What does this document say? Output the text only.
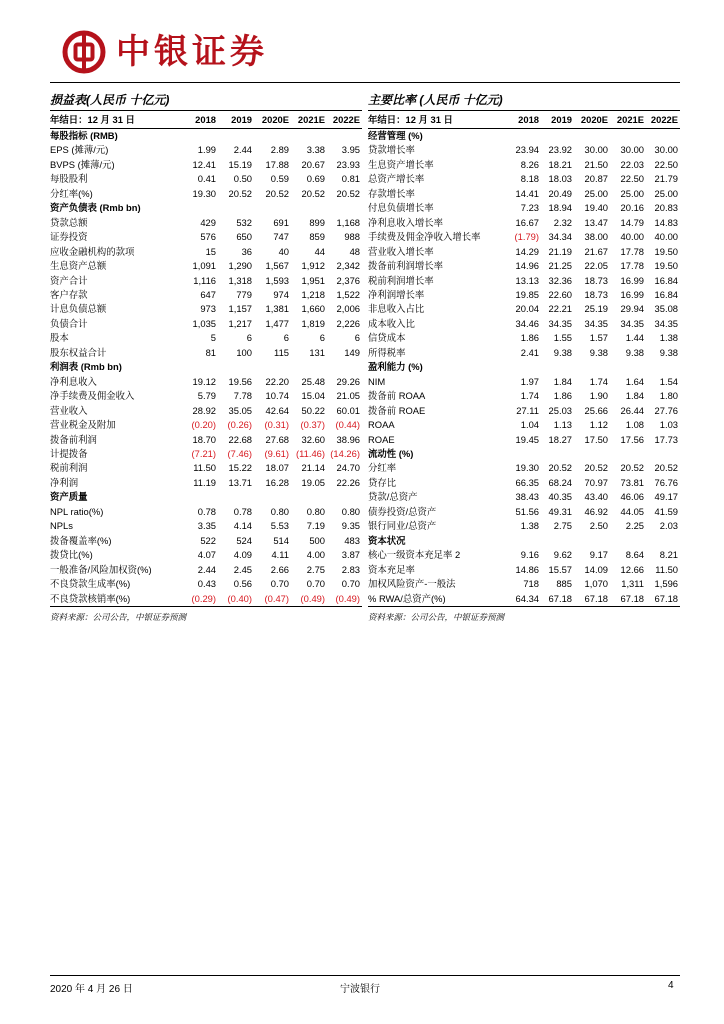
中银证券
损益表(人民币 十亿元)
年结日：12 月 31 日	2018	2019	2020E	2021E	2022E
每股指标 (RMB)					
EPS (摊薄/元)	1.99	2.44	2.89	3.38	3.95
BVPS (摊薄/元)	12.41	15.19	17.88	20.67	23.93
每股股利	0.41	0.50	0.59	0.69	0.81
分红率(%)	19.30	20.52	20.52	20.52	20.52
资产负债表 (Rmb bn)					
贷款总额	429	532	691	899	1,168
证券投资	576	650	747	859	988
应收金融机构的款项	15	36	40	44	48
生息资产总额	1,091	1,290	1,567	1,912	2,342
资产合计	1,116	1,318	1,593	1,951	2,376
客户存款	647	779	974	1,218	1,522
计息负债总额	973	1,157	1,381	1,660	2,006
负债合计	1,035	1,217	1,477	1,819	2,226
股本	5	6	6	6	6
股东权益合计	81	100	115	131	149
利润表 (Rmb bn)					
净利息收入	19.12	19.56	22.20	25.48	29.26
净手续费及佣金收入	5.79	7.78	10.74	15.04	21.05
营业收入	28.92	35.05	42.64	50.22	60.01
营业税金及附加	(0.20)	(0.26)	(0.31)	(0.37)	(0.44)
拨备前利润	18.70	22.68	27.68	32.60	38.96
计提拨备	(7.21)	(7.46)	(9.61)	(11.46)	(14.26)
税前利润	11.50	15.22	18.07	21.14	24.70
净利润	11.19	13.71	16.28	19.05	22.26
资产质量					
NPL ratio(%)	0.78	0.78	0.80	0.80	0.80
NPLs	3.35	4.14	5.53	7.19	9.35
拨备覆盖率(%)	522	524	514	500	483
拨贷比(%)	4.07	4.09	4.11	4.00	3.87
一般准备/风险加权资(%)	2.44	2.45	2.66	2.75	2.83
不良贷款生成率(%)	0.43	0.56	0.70	0.70	0.70
不良贷款核销率(%)	(0.29)	(0.40)	(0.47)	(0.49)	(0.49)
资料来源：公司公告，中银证券预测
主要比率 (人民币 十亿元)
年结日：12 月 31 日	2018	2019	2020E	2021E	2022E
经营管理 (%)					
贷款增长率	23.94	23.92	30.00	30.00	30.00
生息资产增长率	8.26	18.21	21.50	22.03	22.50
总资产增长率	8.18	18.03	20.87	22.50	21.79
存款增长率	14.41	20.49	25.00	25.00	25.00
付息负债增长率	7.23	18.94	19.40	20.16	20.83
净利息收入增长率	16.67	2.32	13.47	14.79	14.83
手续费及佣金净收入增长率	(1.79)	34.34	38.00	40.00	40.00
营业收入增长率	14.29	21.19	21.67	17.78	19.50
拨备前利润增长率	14.96	21.25	22.05	17.78	19.50
税前利润增长率	13.13	32.36	18.73	16.99	16.84
净利润增长率	19.85	22.60	18.73	16.99	16.84
非息收入占比	20.04	22.21	25.19	29.94	35.08
成本收入比	34.46	34.35	34.35	34.35	34.35
信贷成本	1.86	1.55	1.57	1.44	1.38
所得税率	2.41	9.38	9.38	9.38	9.38
盈利能力 (%)					
NIM	1.97	1.84	1.74	1.64	1.54
拨备前 ROAA	1.74	1.86	1.90	1.84	1.80
拨备前 ROAE	27.11	25.03	25.66	26.44	27.76
ROAA	1.04	1.13	1.12	1.08	1.03
ROAE	19.45	18.27	17.50	17.56	17.73
流动性 (%)					
分红率	19.30	20.52	20.52	20.52	20.52
贷存比	66.35	68.24	70.97	73.81	76.76
贷款/总资产	38.43	40.35	43.40	46.06	49.17
债券投资/总资产	51.56	49.31	46.92	44.05	41.59
银行同业/总资产	1.38	2.75	2.50	2.25	2.03
资本状况					
核心一级资本充足率 2	9.16	9.62	9.17	8.64	8.21
资本充足率	14.86	15.57	14.09	12.66	11.50
加权风险资产-一般法	718	885	1,070	1,311	1,596
% RWA/总资产(%)	64.34	67.18	67.18	67.18	67.18
资料来源：公司公告，中银证券预测
2020 年 4 月 26 日	宁波银行	4
